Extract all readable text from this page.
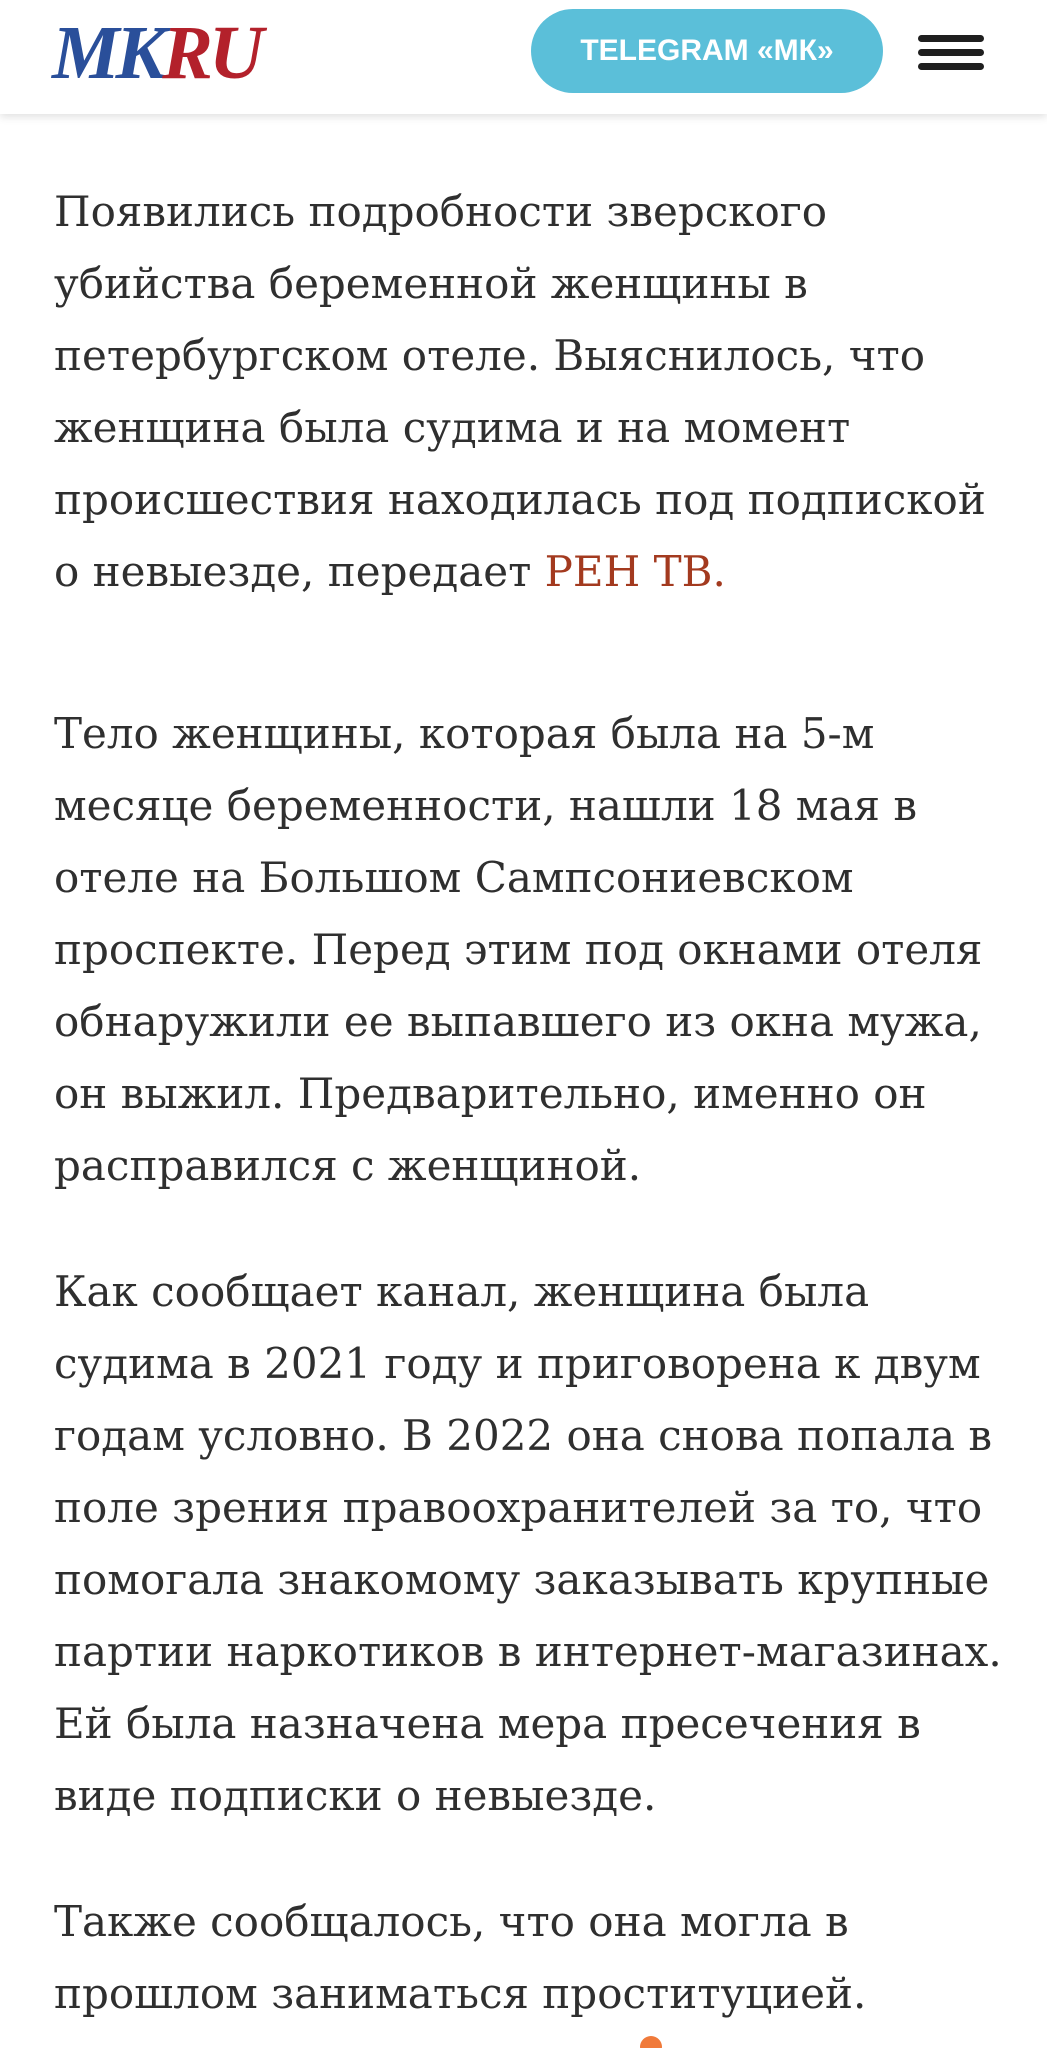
MKRU	TELEGRAM «МК»

Появились подробности зверского убийства беременной женщины в петербургском отеле. Выяснилось, что женщина была судима и на момент происшествия находилась под подпиской о невыезде, передает РЕН ТВ.

Тело женщины, которая была на 5-м месяце беременности, нашли 18 мая в отеле на Большом Сампсониевском проспекте. Перед этим под окнами отеля обнаружили ее выпавшего из окна мужа, он выжил. Предварительно, именно он расправился с женщиной.

Как сообщает канал, женщина была судима в 2021 году и приговорена к двум годам условно. В 2022 она снова попала в поле зрения правоохранителей за то, что помогала знакомому заказывать крупные партии наркотиков в интернет-магазинах. Ей была назначена мера пресечения в виде подписки о невыезде.

Также сообщалось, что она могла в прошлом заниматься проституцией.
